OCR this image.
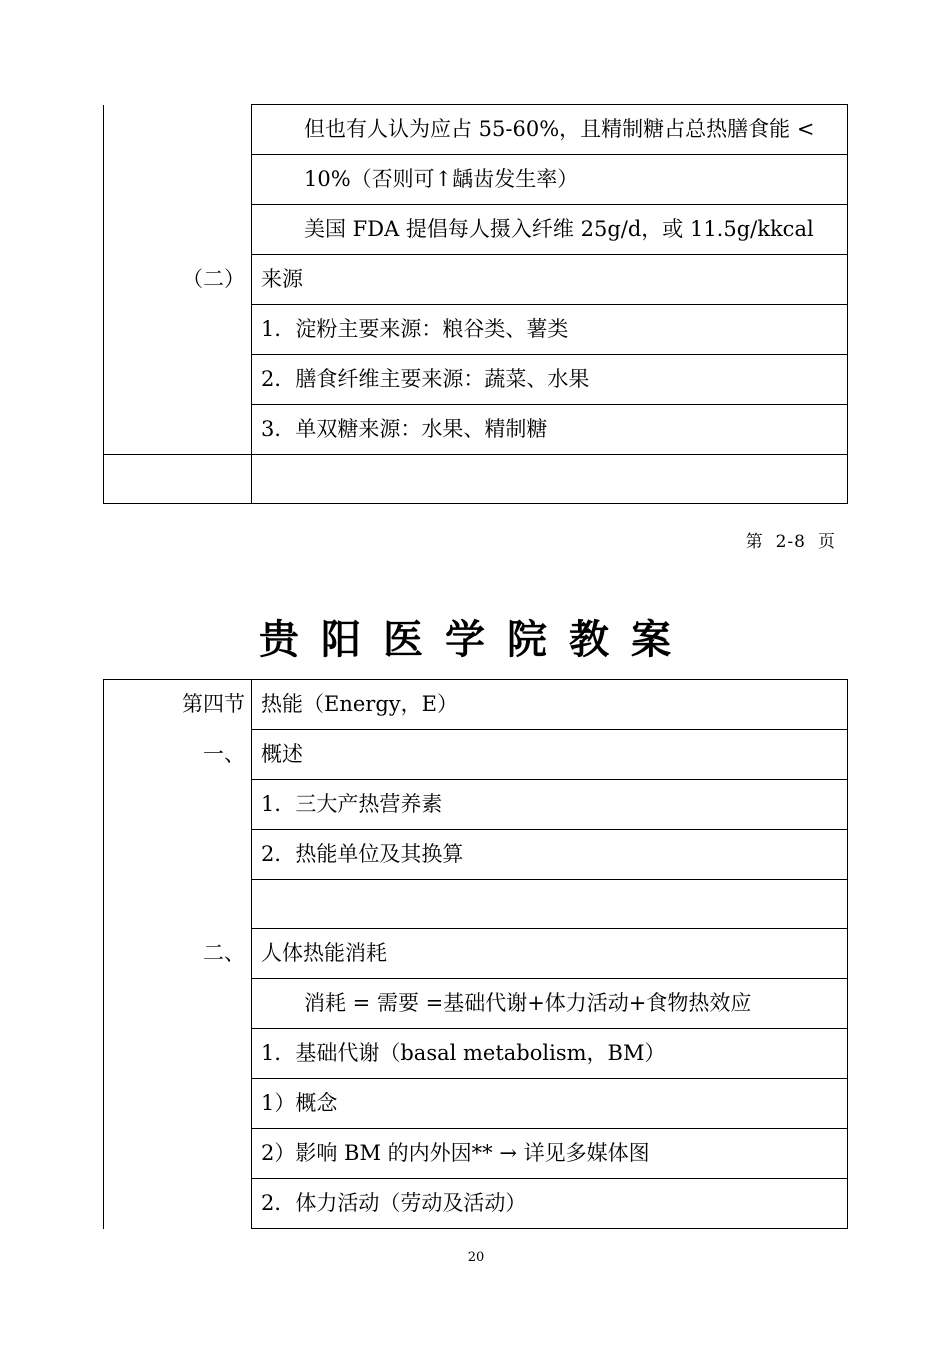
	但也有人认为应占 55-60%，且精制糖占总热膳食能 <
	10%（否则可↑龋齿发生率）
	美国 FDA 提倡每人摄入纤维 25g/d，或 11.5g/kkcal
（二）	来源
	1．淀粉主要来源：粮谷类、薯类
	2．膳食纤维主要来源：蔬菜、水果
	3．单双糖来源：水果、精制糖

第 2-8 页
贵阳医学院教案
第四节	热能（Energy，E）
一、	概述
	1．三大产热营养素
	2．热能单位及其换算

二、	人体热能消耗
	消耗 = 需要 =基础代谢+体力活动+食物热效应
	1．基础代谢（basal metabolism，BM）
	1）概念
	2）影响 BM 的内外因** → 详见多媒体图
	2．体力活动（劳动及活动）
20
